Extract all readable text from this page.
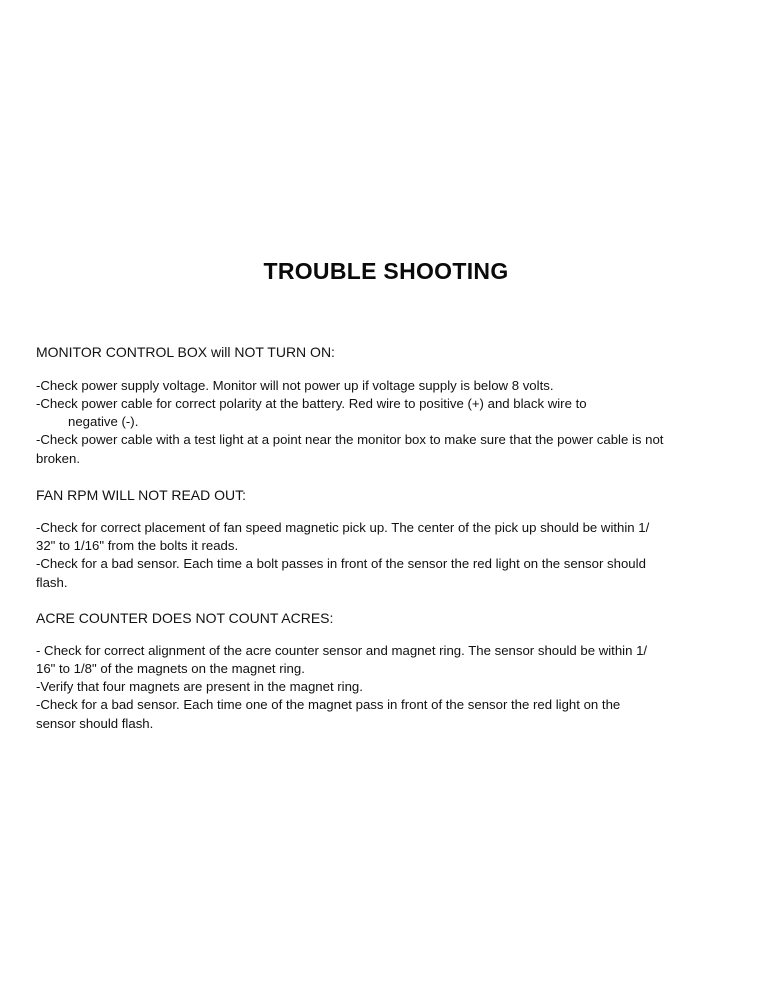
TROUBLE SHOOTING
MONITOR CONTROL BOX will NOT TURN ON:
-Check power supply voltage. Monitor will not power up if voltage supply is below 8 volts.
-Check power cable for correct polarity at the battery. Red wire to positive (+) and black wire to
negative (-).
-Check power cable with a test light at a point near the monitor box to make sure that the power cable is not
broken.
FAN RPM WILL NOT READ OUT:
-Check for correct placement of fan speed magnetic pick up. The center of the pick up should be within 1/
32" to 1/16" from the bolts it reads.
-Check for a bad sensor. Each time a bolt passes in front of the sensor the red light on the sensor should
flash.
ACRE COUNTER DOES NOT COUNT ACRES:
- Check for correct alignment of the acre counter sensor and magnet ring. The sensor should be within 1/
16" to 1/8" of the magnets on the magnet ring.
-Verify that four magnets are present in the magnet ring.
-Check for a bad sensor. Each time one of the magnet pass in front of the sensor the red light on the
sensor should flash.
